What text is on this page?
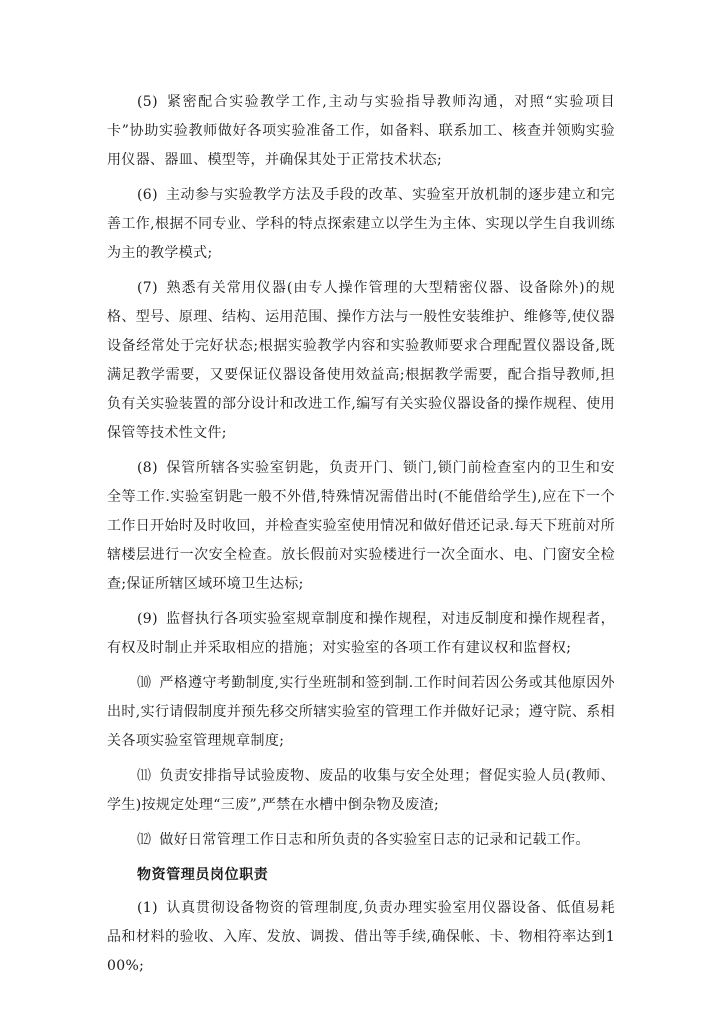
(5) 紧密配合实验教学工作,主动与实验指导教师沟通，对照“实验项目卡”协助实验教师做好各项实验准备工作，如备料、联系加工、核查并领购实验用仪器、器皿、模型等，并确保其处于正常技术状态;

(6) 主动参与实验教学方法及手段的改革、实验室开放机制的逐步建立和完善工作,根据不同专业、学科的特点探索建立以学生为主体、实现以学生自我训练为主的教学模式;

(7) 熟悉有关常用仪器(由专人操作管理的大型精密仪器、设备除外)的规格、型号、原理、结构、运用范围、操作方法与一般性安装维护、维修等,使仪器设备经常处于完好状态;根据实验教学内容和实验教师要求合理配置仪器设备,既满足教学需要，又要保证仪器设备使用效益高;根据教学需要，配合指导教师,担负有关实验装置的部分设计和改进工作,编写有关实验仪器设备的操作规程、使用保管等技术性文件;

(8) 保管所辖各实验室钥匙，负责开门、锁门,锁门前检查室内的卫生和安全等工作.实验室钥匙一般不外借,特殊情况需借出时(不能借给学生),应在下一个工作日开始时及时收回，并检查实验室使用情况和做好借还记录.每天下班前对所辖楼层进行一次安全检查。放长假前对实验楼进行一次全面水、电、门窗安全检查;保证所辖区域环境卫生达标;

(9) 监督执行各项实验室规章制度和操作规程，对违反制度和操作规程者，有权及时制止并采取相应的措施；对实验室的各项工作有建议权和监督权;

⑽ 严格遵守考勤制度,实行坐班制和签到制.工作时间若因公务或其他原因外出时,实行请假制度并预先移交所辖实验室的管理工作并做好记录；遵守院、系相关各项实验室管理规章制度;

⑾ 负责安排指导试验废物、废品的收集与安全处理；督促实验人员(教师、学生)按规定处理“三废”,严禁在水槽中倒杂物及废渣;

⑿ 做好日常管理工作日志和所负责的各实验室日志的记录和记载工作。

物资管理员岗位职责

(1) 认真贯彻设备物资的管理制度,负责办理实验室用仪器设备、低值易耗品和材料的验收、入库、发放、调拨、借出等手续,确保帐、卡、物相符率达到100%;
